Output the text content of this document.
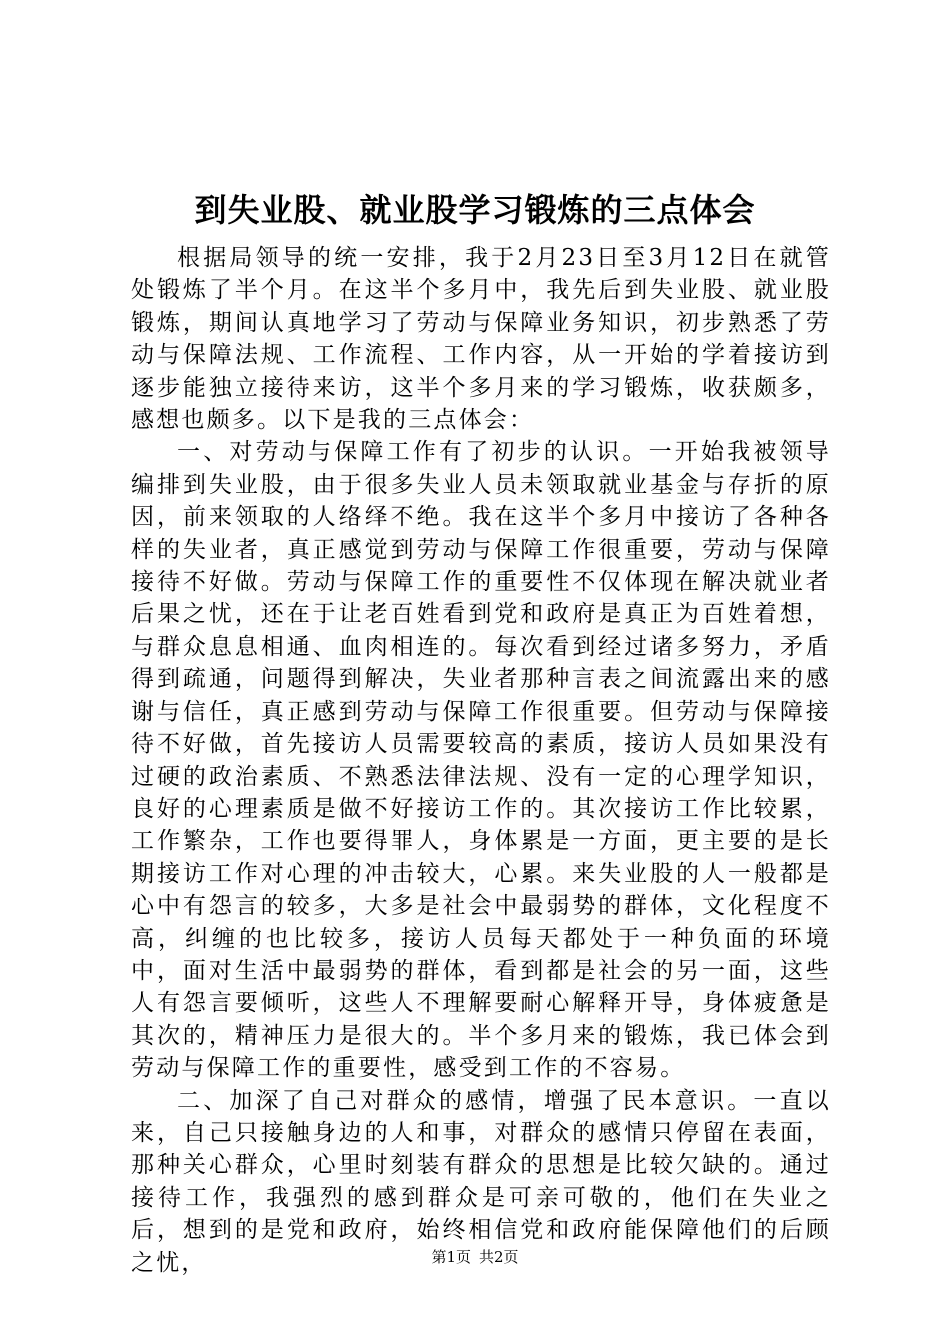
到失业股、就业股学习锻炼的三点体会

根据局领导的统一安排，我于2月23日至3月12日在就管处锻炼了半个月。在这半个多月中，我先后到失业股、就业股锻炼，期间认真地学习了劳动与保障业务知识，初步熟悉了劳动与保障法规、工作流程、工作内容，从一开始的学着接访到逐步能独立接待来访，这半个多月来的学习锻炼，收获颇多，感想也颇多。以下是我的三点体会：

一、对劳动与保障工作有了初步的认识。一开始我被领导编排到失业股，由于很多失业人员未领取就业基金与存折的原因，前来领取的人络绎不绝。我在这半个多月中接访了各种各样的失业者，真正感觉到劳动与保障工作很重要，劳动与保障接待不好做。劳动与保障工作的重要性不仅体现在解决就业者后果之忧，还在于让老百姓看到党和政府是真正为百姓着想，与群众息息相通、血肉相连的。每次看到经过诸多努力，矛盾得到疏通，问题得到解决，失业者那种言表之间流露出来的感谢与信任，真正感到劳动与保障工作很重要。但劳动与保障接待不好做，首先接访人员需要较高的素质，接访人员如果没有过硬的政治素质、不熟悉法律法规、没有一定的心理学知识，良好的心理素质是做不好接访工作的。其次接访工作比较累，工作繁杂，工作也要得罪人，身体累是一方面，更主要的是长期接访工作对心理的冲击较大，心累。来失业股的人一般都是心中有怨言的较多，大多是社会中最弱势的群体，文化程度不高，纠缠的也比较多，接访人员每天都处于一种负面的环境中，面对生活中最弱势的群体，看到都是社会的另一面，这些人有怨言要倾听，这些人不理解要耐心解释开导，身体疲惫是其次的，精神压力是很大的。半个多月来的锻炼，我已体会到劳动与保障工作的重要性，感受到工作的不容易。

二、加深了自己对群众的感情，增强了民本意识。一直以来，自己只接触身边的人和事，对群众的感情只停留在表面，那种关心群众，心里时刻装有群众的思想是比较欠缺的。通过接待工作，我强烈的感到群众是可亲可敬的，他们在失业之后，想到的是党和政府，始终相信党和政府能保障他们的后顾之忧，	第1页 共2页
